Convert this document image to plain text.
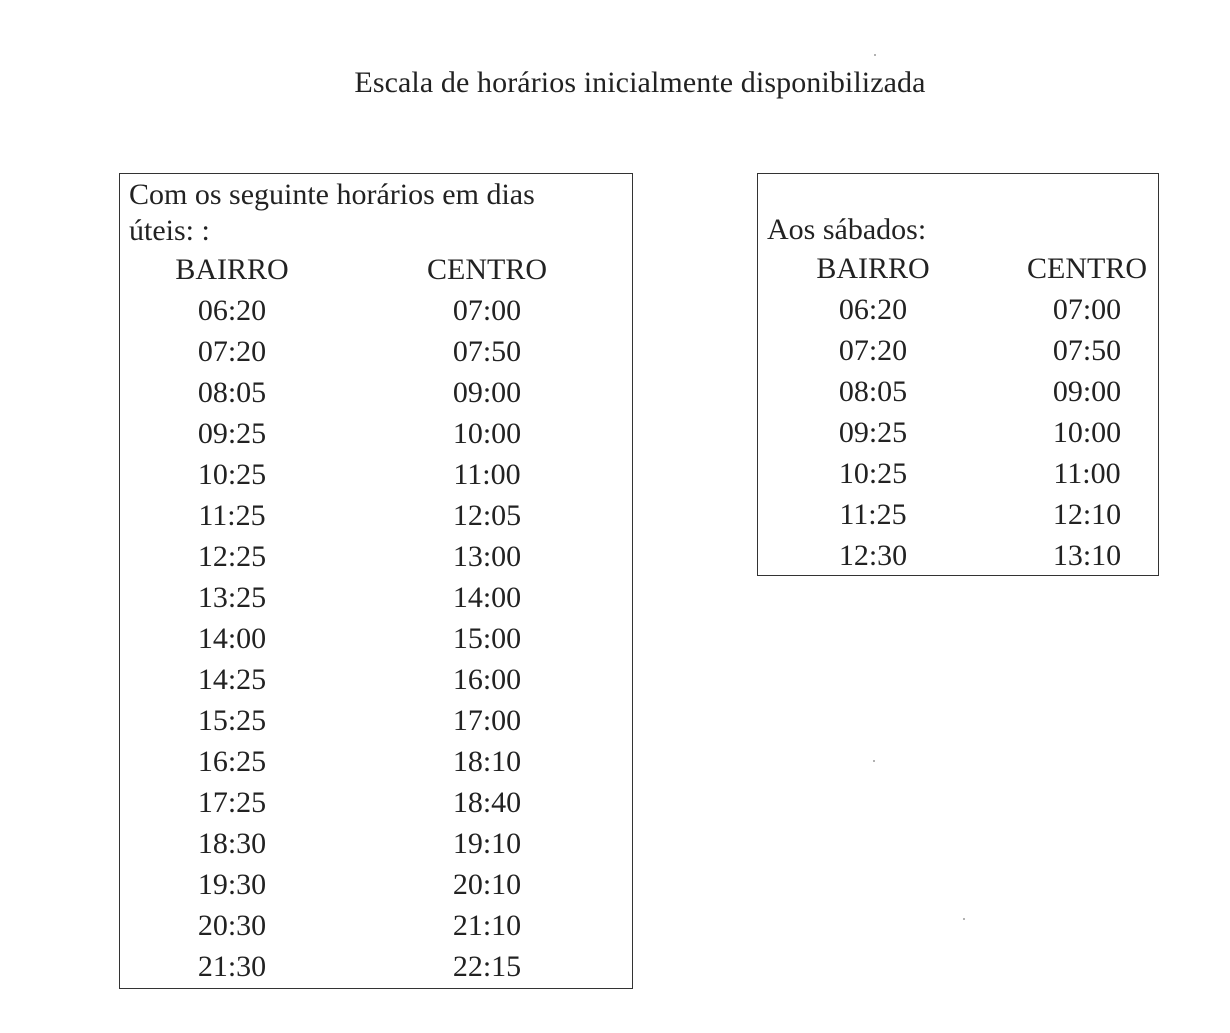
Escala de horários inicialmente disponibilizada
Com os seguinte horários em dias
úteis: :
BAIRRO
06:20
07:20
08:05
09:25
10:25
11:25
12:25
13:25
14:00
14:25
15:25
16:25
17:25
18:30
19:30
20:30
21:30
CENTRO
07:00
07:50
09:00
10:00
11:00
12:05
13:00
14:00
15:00
16:00
17:00
18:10
18:40
19:10
20:10
21:10
22:15
Aos sábados:
BAIRRO
06:20
07:20
08:05
09:25
10:25
11:25
12:30
CENTRO
07:00
07:50
09:00
10:00
11:00
12:10
13:10
